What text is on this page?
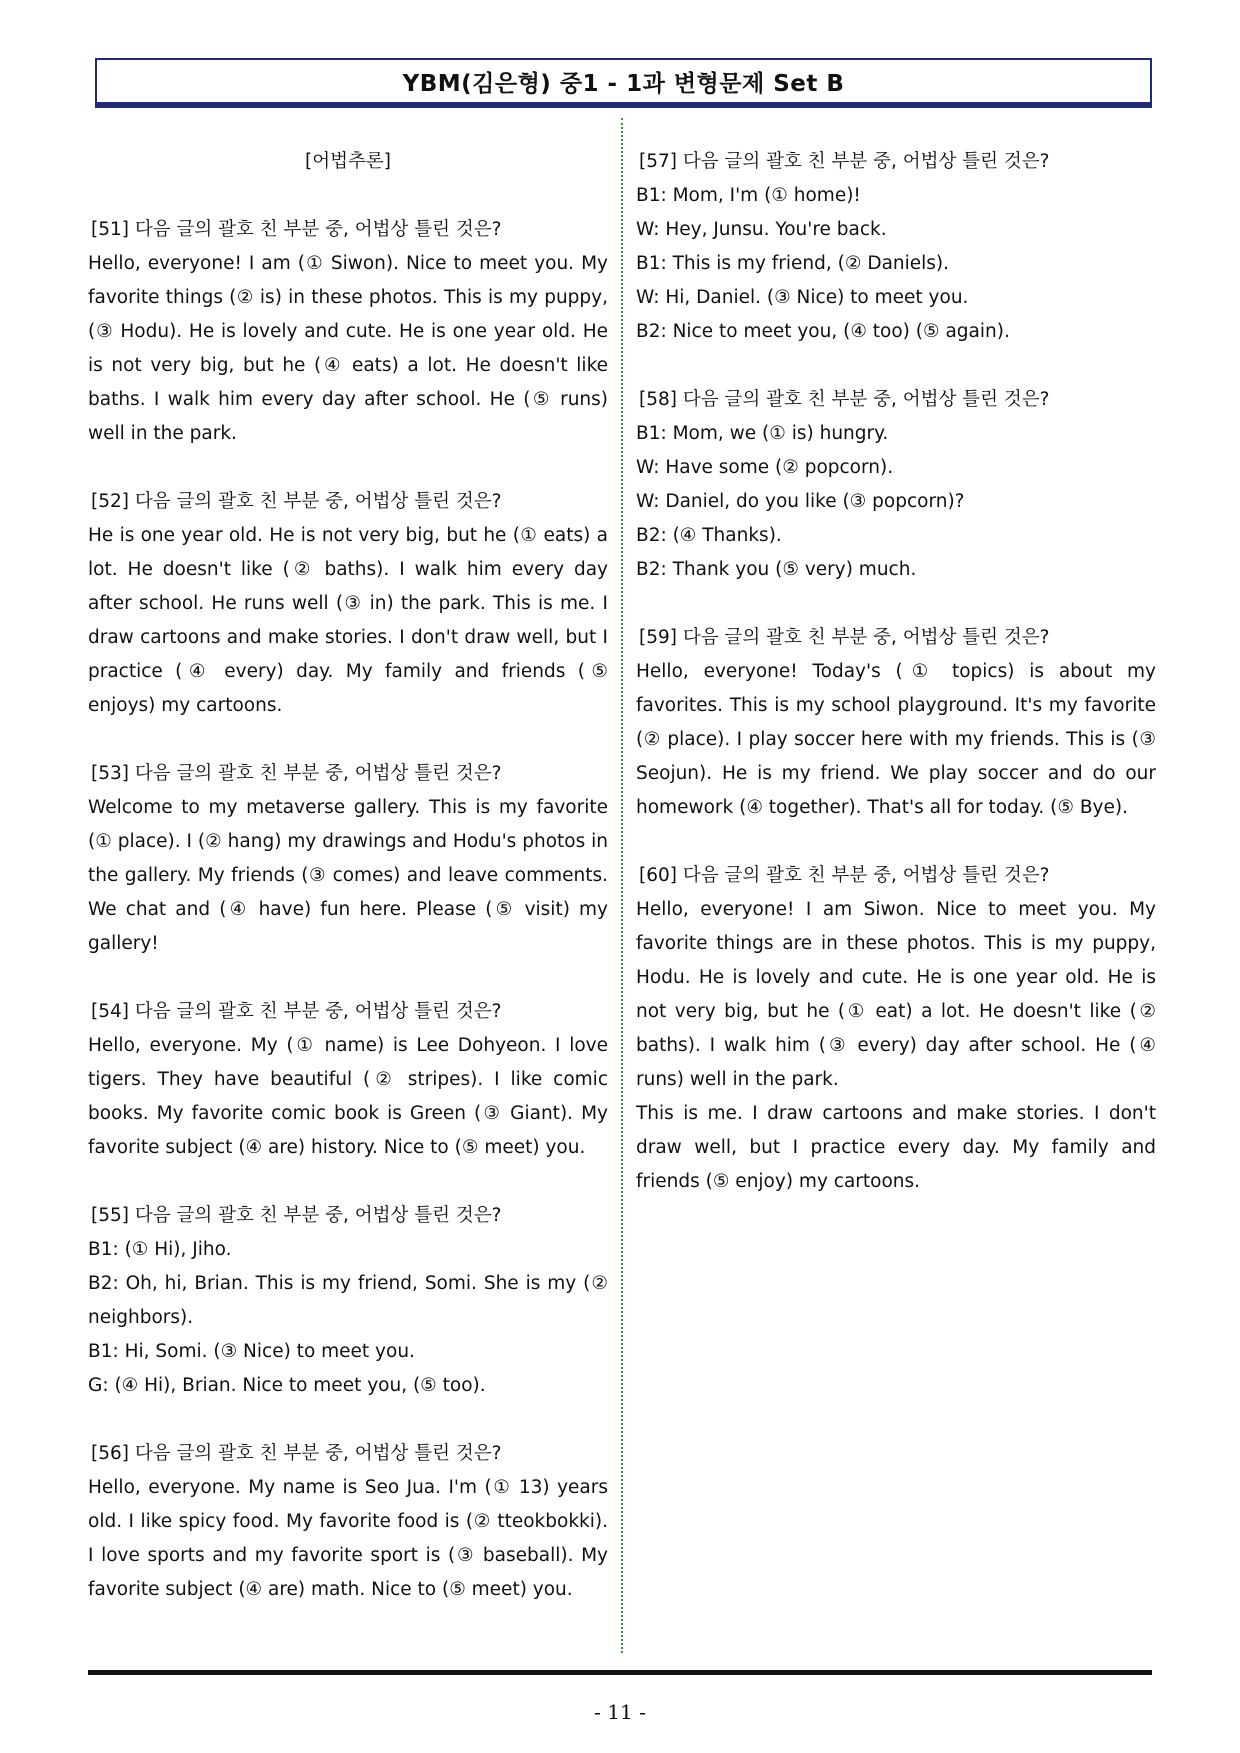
YBM(김은형) 중1 - 1과 변형문제 Set B

[어법추론]

[51] 다음 글의 괄호 친 부분 중, 어법상 틀린 것은?

Hello, everyone! I am (① Siwon). Nice to meet you. My favorite things (② is) in these photos. This is my puppy, (③ Hodu). He is lovely and cute. He is one year old. He is not very big, but he (④ eats) a lot. He doesn't like baths. I walk him every day after school. He (⑤ runs) well in the park.

[52] 다음 글의 괄호 친 부분 중, 어법상 틀린 것은?

He is one year old. He is not very big, but he (① eats) a lot. He doesn't like (② baths). I walk him every day after school. He runs well (③ in) the park. This is me. I draw cartoons and make stories. I don't draw well, but I practice (④ every) day. My family and friends (⑤ enjoys) my cartoons.

[53] 다음 글의 괄호 친 부분 중, 어법상 틀린 것은?

Welcome to my metaverse gallery. This is my favorite (① place). I (② hang) my drawings and Hodu's photos in the gallery. My friends (③ comes) and leave comments. We chat and (④ have) fun here. Please (⑤ visit) my gallery!

[54] 다음 글의 괄호 친 부분 중, 어법상 틀린 것은?

Hello, everyone. My (① name) is Lee Dohyeon. I love tigers. They have beautiful (② stripes). I like comic books. My favorite comic book is Green (③ Giant). My favorite subject (④ are) history. Nice to (⑤ meet) you.

[55] 다음 글의 괄호 친 부분 중, 어법상 틀린 것은?

B1: (① Hi), Jiho.

B2: Oh, hi, Brian. This is my friend, Somi. She is my (② neighbors).

B1: Hi, Somi. (③ Nice) to meet you.

G: (④ Hi), Brian. Nice to meet you, (⑤ too).

[56] 다음 글의 괄호 친 부분 중, 어법상 틀린 것은?

Hello, everyone. My name is Seo Jua. I'm (① 13) years old. I like spicy food. My favorite food is (② tteokbokki). I love sports and my favorite sport is (③ baseball). My favorite subject (④ are) math. Nice to (⑤ meet) you.

[57] 다음 글의 괄호 친 부분 중, 어법상 틀린 것은?

B1: Mom, I'm (① home)!

W: Hey, Junsu. You're back.

B1: This is my friend, (② Daniels).

W: Hi, Daniel. (③ Nice) to meet you.

B2: Nice to meet you, (④ too) (⑤ again).

[58] 다음 글의 괄호 친 부분 중, 어법상 틀린 것은?

B1: Mom, we (① is) hungry.

W: Have some (② popcorn).

W: Daniel, do you like (③ popcorn)?

B2: (④ Thanks).

B2: Thank you (⑤ very) much.

[59] 다음 글의 괄호 친 부분 중, 어법상 틀린 것은?

Hello, everyone! Today's (① topics) is about my favorites. This is my school playground. It's my favorite (② place). I play soccer here with my friends. This is (③ Seojun). He is my friend. We play soccer and do our homework (④ together). That's all for today. (⑤ Bye).

[60] 다음 글의 괄호 친 부분 중, 어법상 틀린 것은?

Hello, everyone! I am Siwon. Nice to meet you. My favorite things are in these photos. This is my puppy, Hodu. He is lovely and cute. He is one year old. He is not very big, but he (① eat) a lot. He doesn't like (② baths). I walk him (③ every) day after school. He (④ runs) well in the park.

This is me. I draw cartoons and make stories. I don't draw well, but I practice every day. My family and friends (⑤ enjoy) my cartoons.

- 11 -
